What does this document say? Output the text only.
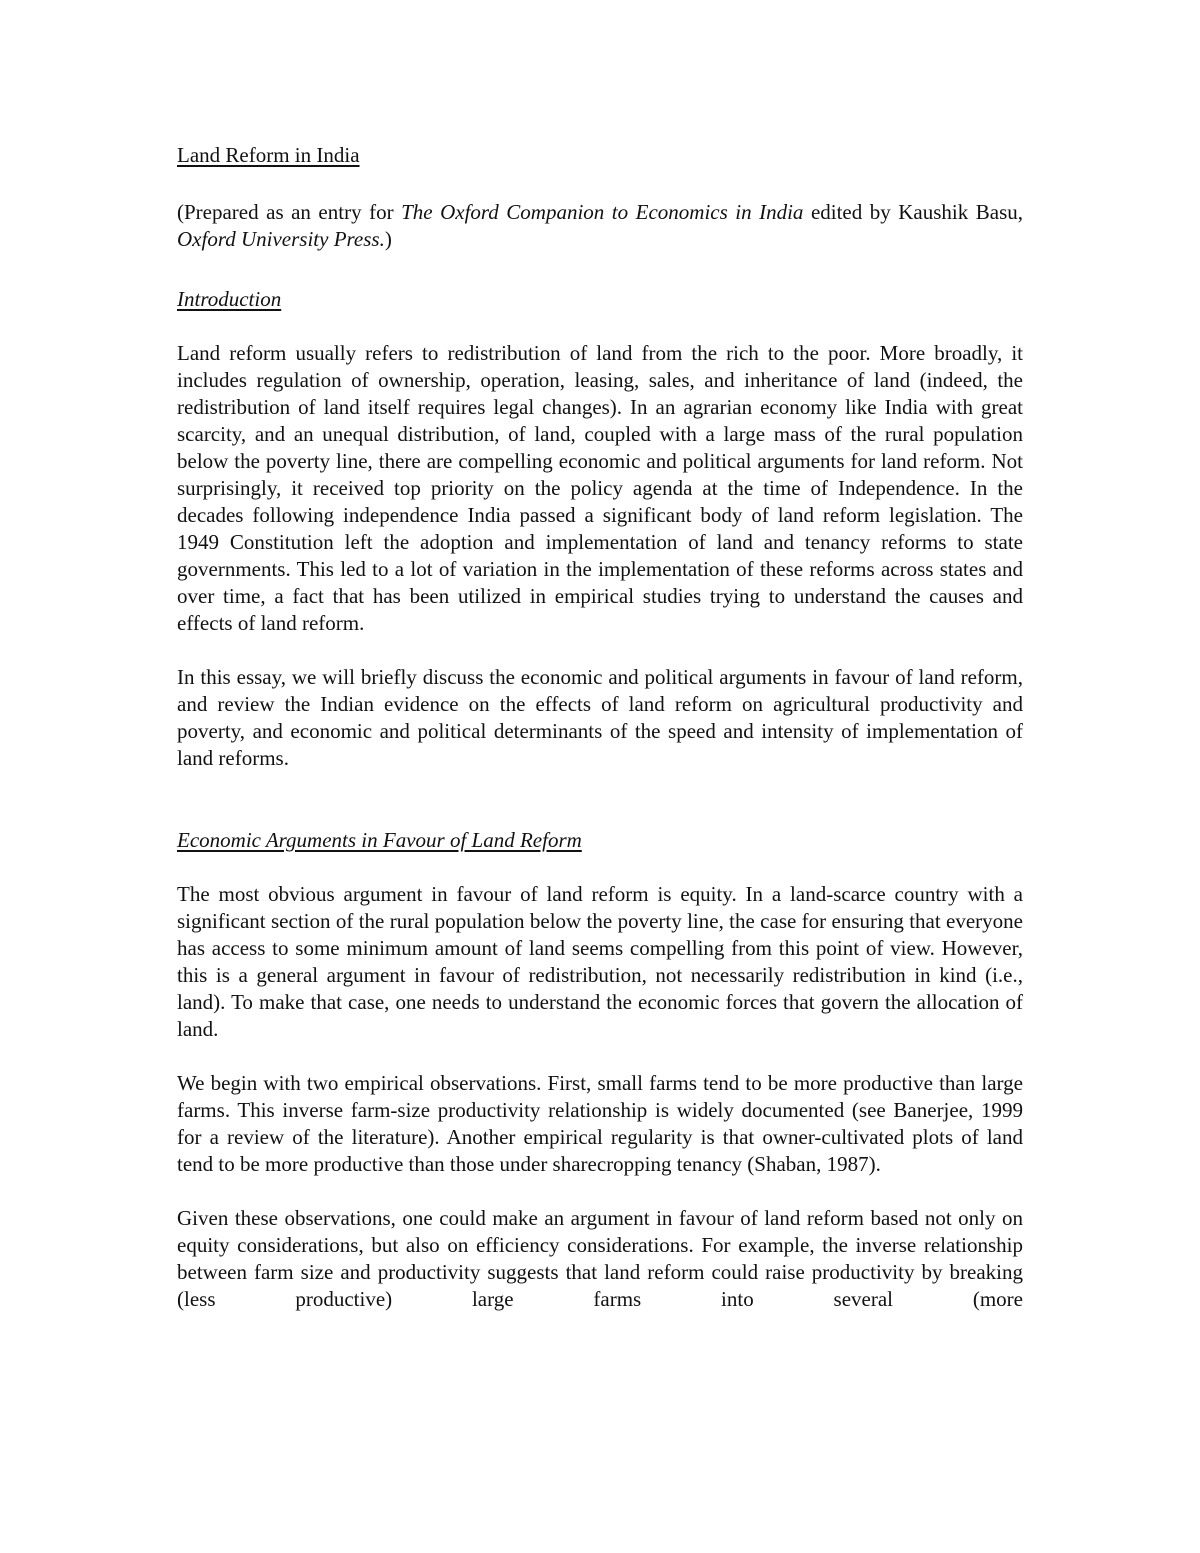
Land Reform in India

(Prepared as an entry for The Oxford Companion to Economics in India edited by Kaushik Basu, Oxford University Press.)

Introduction

Land reform usually refers to redistribution of land from the rich to the poor. More broadly, it includes regulation of ownership, operation, leasing, sales, and inheritance of land (indeed, the redistribution of land itself requires legal changes). In an agrarian economy like India with great scarcity, and an unequal distribution, of land, coupled with a large mass of the rural population below the poverty line, there are compelling economic and political arguments for land reform. Not surprisingly, it received top priority on the policy agenda at the time of Independence. In the decades following independence India passed a significant body of land reform legislation. The 1949 Constitution left the adoption and implementation of land and tenancy reforms to state governments. This led to a lot of variation in the implementation of these reforms across states and over time, a fact that has been utilized in empirical studies trying to understand the causes and effects of land reform.

In this essay, we will briefly discuss the economic and political arguments in favour of land reform, and review the Indian evidence on the effects of land reform on agricultural productivity and poverty, and economic and political determinants of the speed and intensity of implementation of land reforms.

Economic Arguments in Favour of Land Reform

The most obvious argument in favour of land reform is equity. In a land-scarce country with a significant section of the rural population below the poverty line, the case for ensuring that everyone has access to some minimum amount of land seems compelling from this point of view. However, this is a general argument in favour of redistribution, not necessarily redistribution in kind (i.e., land). To make that case, one needs to understand the economic forces that govern the allocation of land.

We begin with two empirical observations. First, small farms tend to be more productive than large farms. This inverse farm-size productivity relationship is widely documented (see Banerjee, 1999 for a review of the literature). Another empirical regularity is that owner-cultivated plots of land tend to be more productive than those under sharecropping tenancy (Shaban, 1987).

Given these observations, one could make an argument in favour of land reform based not only on equity considerations, but also on efficiency considerations. For example, the inverse relationship between farm size and productivity suggests that land reform could raise productivity by breaking (less productive) large farms into several (more
